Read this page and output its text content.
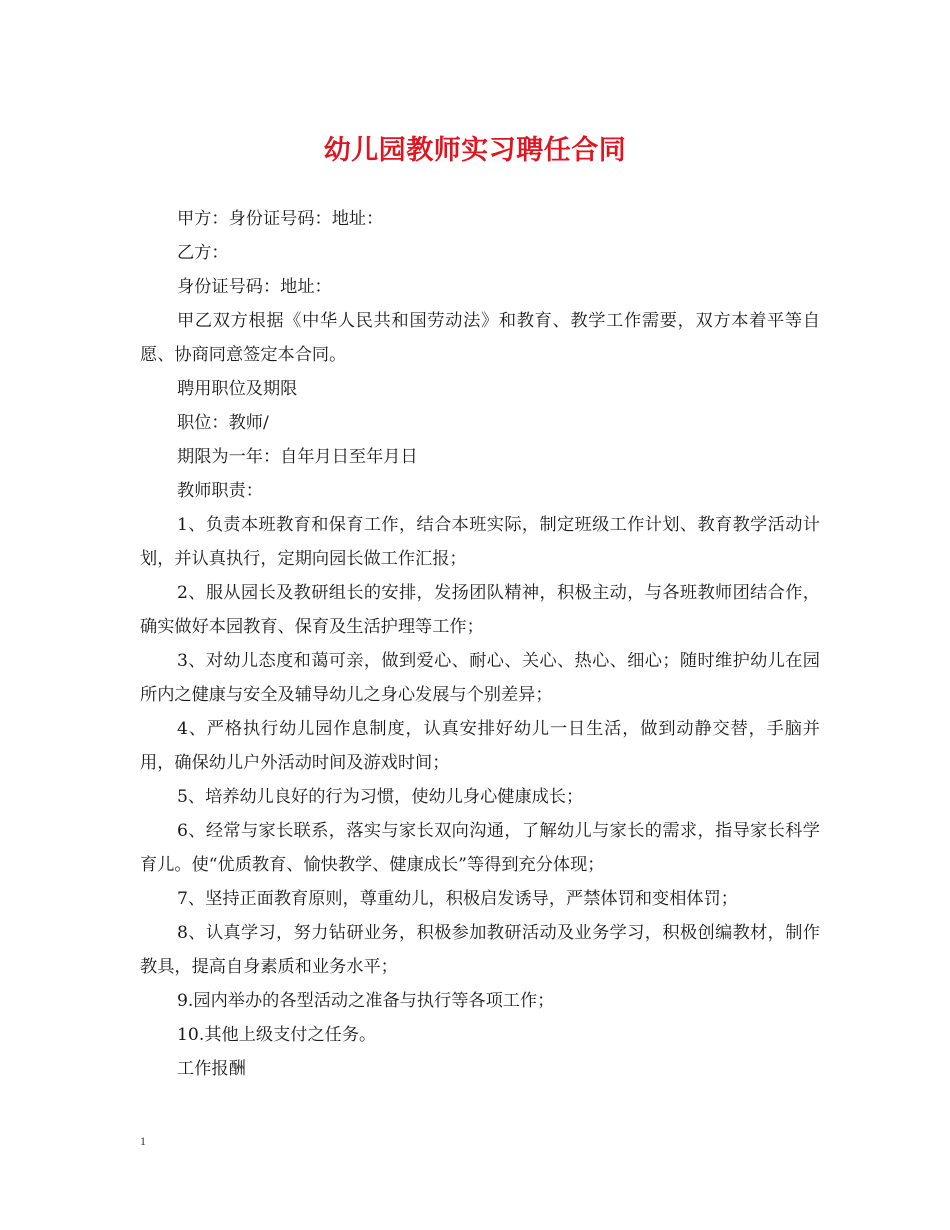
幼儿园教师实习聘任合同

甲方：身份证号码：地址：

乙方：

身份证号码：地址：

甲乙双方根据《中华人民共和国劳动法》和教育、教学工作需要，双方本着平等自愿、协商同意签定本合同。

聘用职位及期限

职位：教师/

期限为一年：自年月日至年月日

教师职责：

1、负责本班教育和保育工作，结合本班实际，制定班级工作计划、教育教学活动计划，并认真执行，定期向园长做工作汇报；

2、服从园长及教研组长的安排，发扬团队精神，积极主动，与各班教师团结合作，确实做好本园教育、保育及生活护理等工作；

3、对幼儿态度和蔼可亲，做到爱心、耐心、关心、热心、细心；随时维护幼儿在园所内之健康与安全及辅导幼儿之身心发展与个别差异；

4、严格执行幼儿园作息制度，认真安排好幼儿一日生活，做到动静交替，手脑并用，确保幼儿户外活动时间及游戏时间；

5、培养幼儿良好的行为习惯，使幼儿身心健康成长；

6、经常与家长联系，落实与家长双向沟通，了解幼儿与家长的需求，指导家长科学育儿。使“优质教育、愉快教学、健康成长”等得到充分体现；

7、坚持正面教育原则，尊重幼儿，积极启发诱导，严禁体罚和变相体罚；

8、认真学习，努力钻研业务，积极参加教研活动及业务学习，积极创编教材，制作教具，提高自身素质和业务水平；

9.园内举办的各型活动之准备与执行等各项工作；

10.其他上级支付之任务。

工作报酬

1
